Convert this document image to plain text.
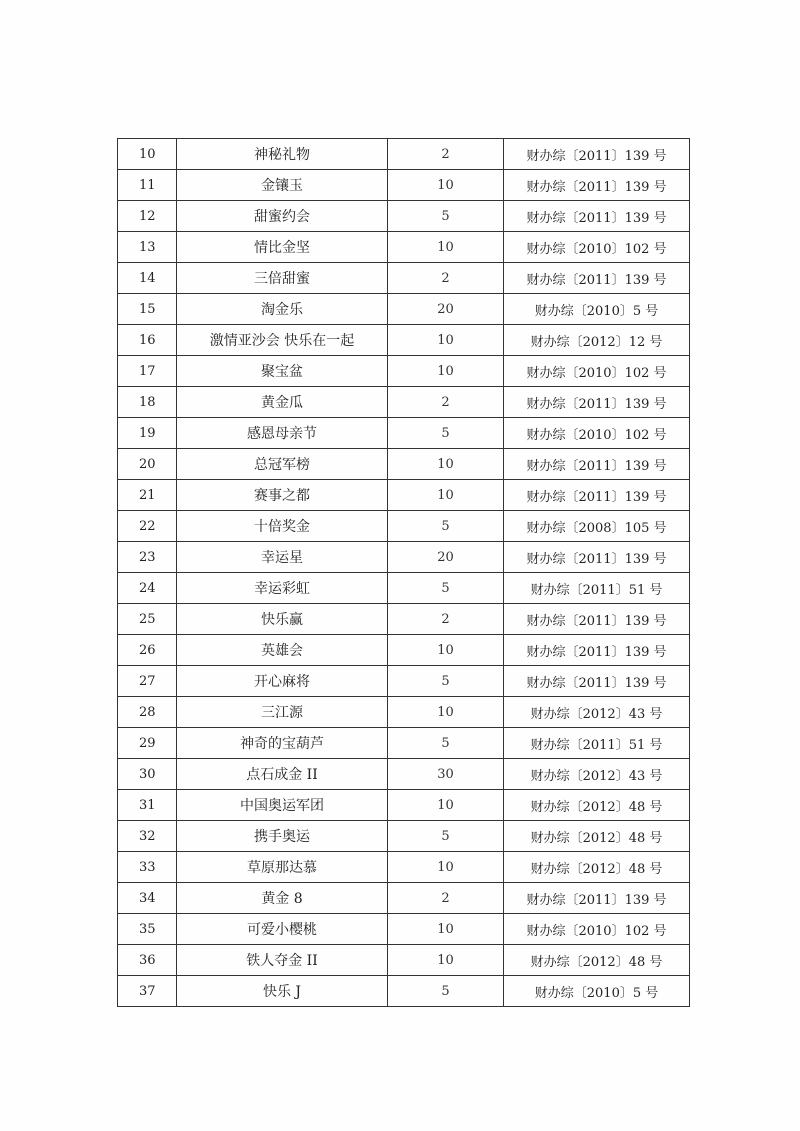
10	神秘礼物	2	财办综〔2011〕139 号
11	金镶玉	10	财办综〔2011〕139 号
12	甜蜜约会	5	财办综〔2011〕139 号
13	情比金坚	10	财办综〔2010〕102 号
14	三倍甜蜜	2	财办综〔2011〕139 号
15	淘金乐	20	财办综〔2010〕5 号
16	激情亚沙会 快乐在一起	10	财办综〔2012〕12 号
17	聚宝盆	10	财办综〔2010〕102 号
18	黄金瓜	2	财办综〔2011〕139 号
19	感恩母亲节	5	财办综〔2010〕102 号
20	总冠军榜	10	财办综〔2011〕139 号
21	赛事之都	10	财办综〔2011〕139 号
22	十倍奖金	5	财办综〔2008〕105 号
23	幸运星	20	财办综〔2011〕139 号
24	幸运彩虹	5	财办综〔2011〕51 号
25	快乐赢	2	财办综〔2011〕139 号
26	英雄会	10	财办综〔2011〕139 号
27	开心麻将	5	财办综〔2011〕139 号
28	三江源	10	财办综〔2012〕43 号
29	神奇的宝葫芦	5	财办综〔2011〕51 号
30	点石成金 II	30	财办综〔2012〕43 号
31	中国奥运军团	10	财办综〔2012〕48 号
32	携手奥运	5	财办综〔2012〕48 号
33	草原那达慕	10	财办综〔2012〕48 号
34	黄金 8	2	财办综〔2011〕139 号
35	可爱小樱桃	10	财办综〔2010〕102 号
36	铁人夺金 II	10	财办综〔2012〕48 号
37	快乐 J	5	财办综〔2010〕5 号
